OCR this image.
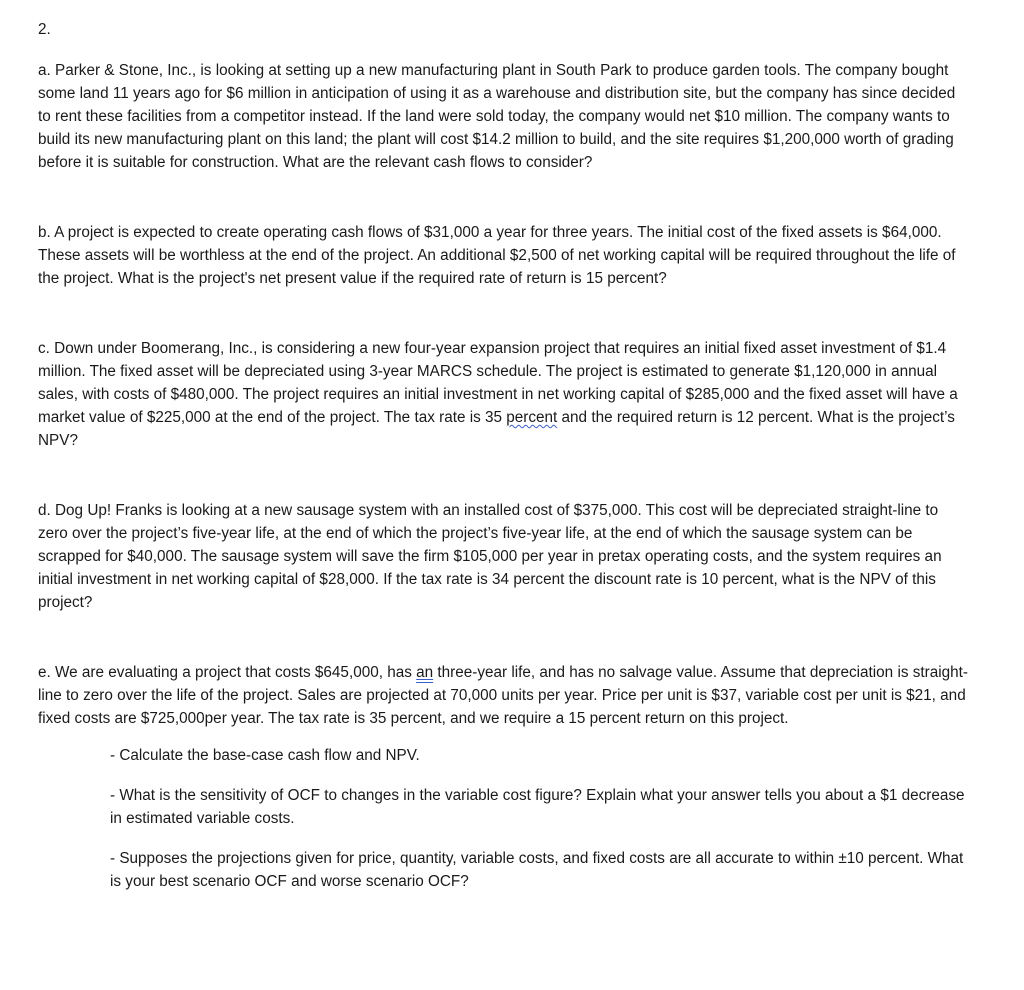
2.

a. Parker & Stone, Inc., is looking at setting up a new manufacturing plant in South Park to produce garden tools. The company bought some land 11 years ago for $6 million in anticipation of using it as a warehouse and distribution site, but the company has since decided to rent these facilities from a competitor instead. If the land were sold today, the company would net $10 million. The company wants to build its new manufacturing plant on this land; the plant will cost $14.2 million to build, and the site requires $1,200,000 worth of grading before it is suitable for construction. What are the relevant cash flows to consider?

b. A project is expected to create operating cash flows of $31,000 a year for three years. The initial cost of the fixed assets is $64,000. These assets will be worthless at the end of the project. An additional $2,500 of net working capital will be required throughout the life of the project. What is the project's net present value if the required rate of return is 15 percent?

c. Down under Boomerang, Inc., is considering a new four-year expansion project that requires an initial fixed asset investment of $1.4 million. The fixed asset will be depreciated using 3-year MARCS schedule. The project is estimated to generate $1,120,000 in annual sales, with costs of $480,000. The project requires an initial investment in net working capital of $285,000 and the fixed asset will have a market value of $225,000 at the end of the project. The tax rate is 35 percent and the required return is 12 percent. What is the project’s NPV?

d. Dog Up! Franks is looking at a new sausage system with an installed cost of $375,000. This cost will be depreciated straight-line to zero over the project’s five-year life, at the end of which the project’s five-year life, at the end of which the sausage system can be scrapped for $40,000. The sausage system will save the firm $105,000 per year in pretax operating costs, and the system requires an initial investment in net working capital of $28,000. If the tax rate is 34 percent the discount rate is 10 percent, what is the NPV of this project?

e. We are evaluating a project that costs $645,000, has an three-year life, and has no salvage value. Assume that depreciation is straight-line to zero over the life of the project. Sales are projected at 70,000 units per year. Price per unit is $37, variable cost per unit is $21, and fixed costs are $725,000per year. The tax rate is 35 percent, and we require a 15 percent return on this project.

- Calculate the base-case cash flow and NPV.

- What is the sensitivity of OCF to changes in the variable cost figure? Explain what your answer tells you about a $1 decrease in estimated variable costs.

- Supposes the projections given for price, quantity, variable costs, and fixed costs are all accurate to within ±10 percent. What is your best scenario OCF and worse scenario OCF?
